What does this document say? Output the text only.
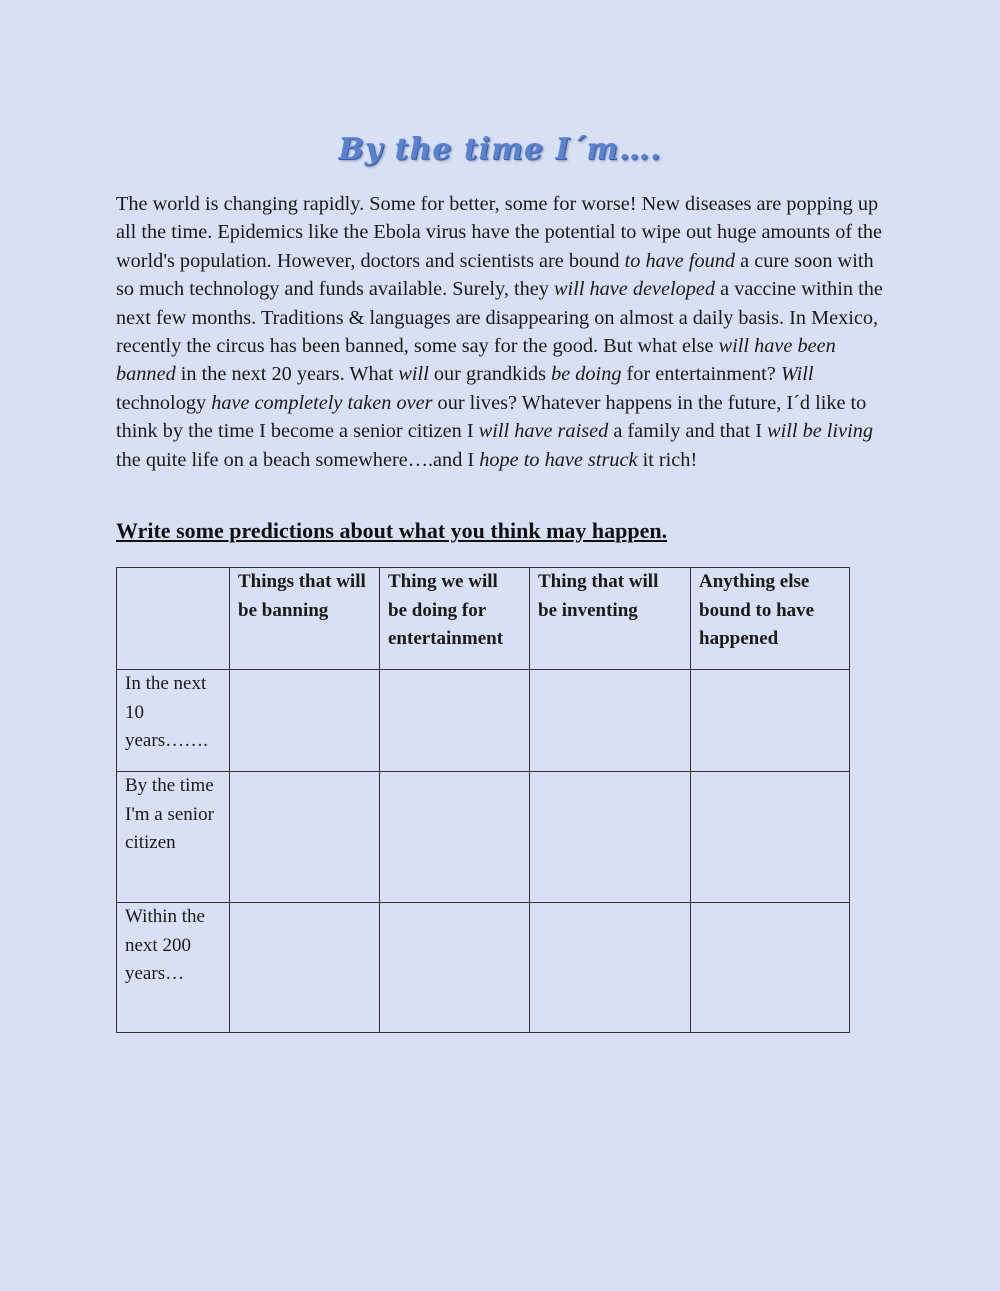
By the time I´m….

The world is changing rapidly. Some for better, some for worse! New diseases are popping up all the time. Epidemics like the Ebola virus have the potential to wipe out huge amounts of the world's population. However, doctors and scientists are bound to have found a cure soon with so much technology and funds available. Surely, they will have developed a vaccine within the next few months. Traditions & languages are disappearing on almost a daily basis. In Mexico, recently the circus has been banned, some say for the good. But what else will have been banned in the next 20 years. What will our grandkids be doing for entertainment? Will technology have completely taken over our lives? Whatever happens in the future, I´d like to think by the time I become a senior citizen I will have raised a family and that I will be living the quite life on a beach somewhere….and I hope to have struck it rich!

Write some predictions about what you think may happen.

	Things that will be banning	Thing we will be doing for entertainment	Thing that will be inventing	Anything else bound to have happened
In the next 10 years…….				
By the time I'm a senior citizen				
Within the next 200 years…				
